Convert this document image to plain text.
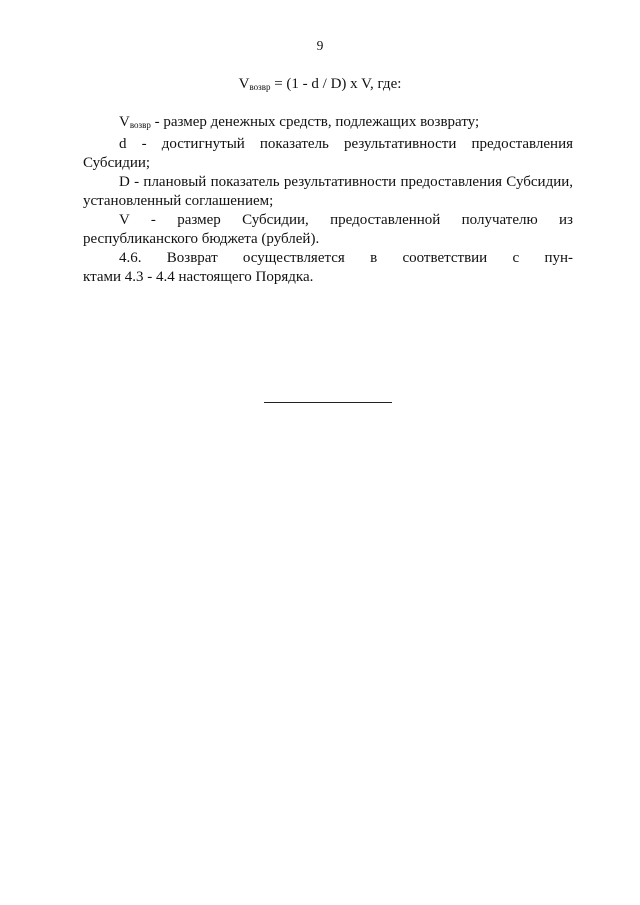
9
$V_{возвр} = (1 - d / D)$ x V, где:

$V_{возвр}$ - размер денежных средств, подлежащих возврату;

d - достигнутый показатель результативности предоставления Субсидии;

D - плановый показатель результативности предоставления Субсидии, установленный соглашением;

V - размер Субсидии, предоставленной получателю из республиканского бюджета (рублей).

4.6. Возврат осуществляется в соответствии с пун-

ктами 4.3 - 4.4 настоящего Порядка.
